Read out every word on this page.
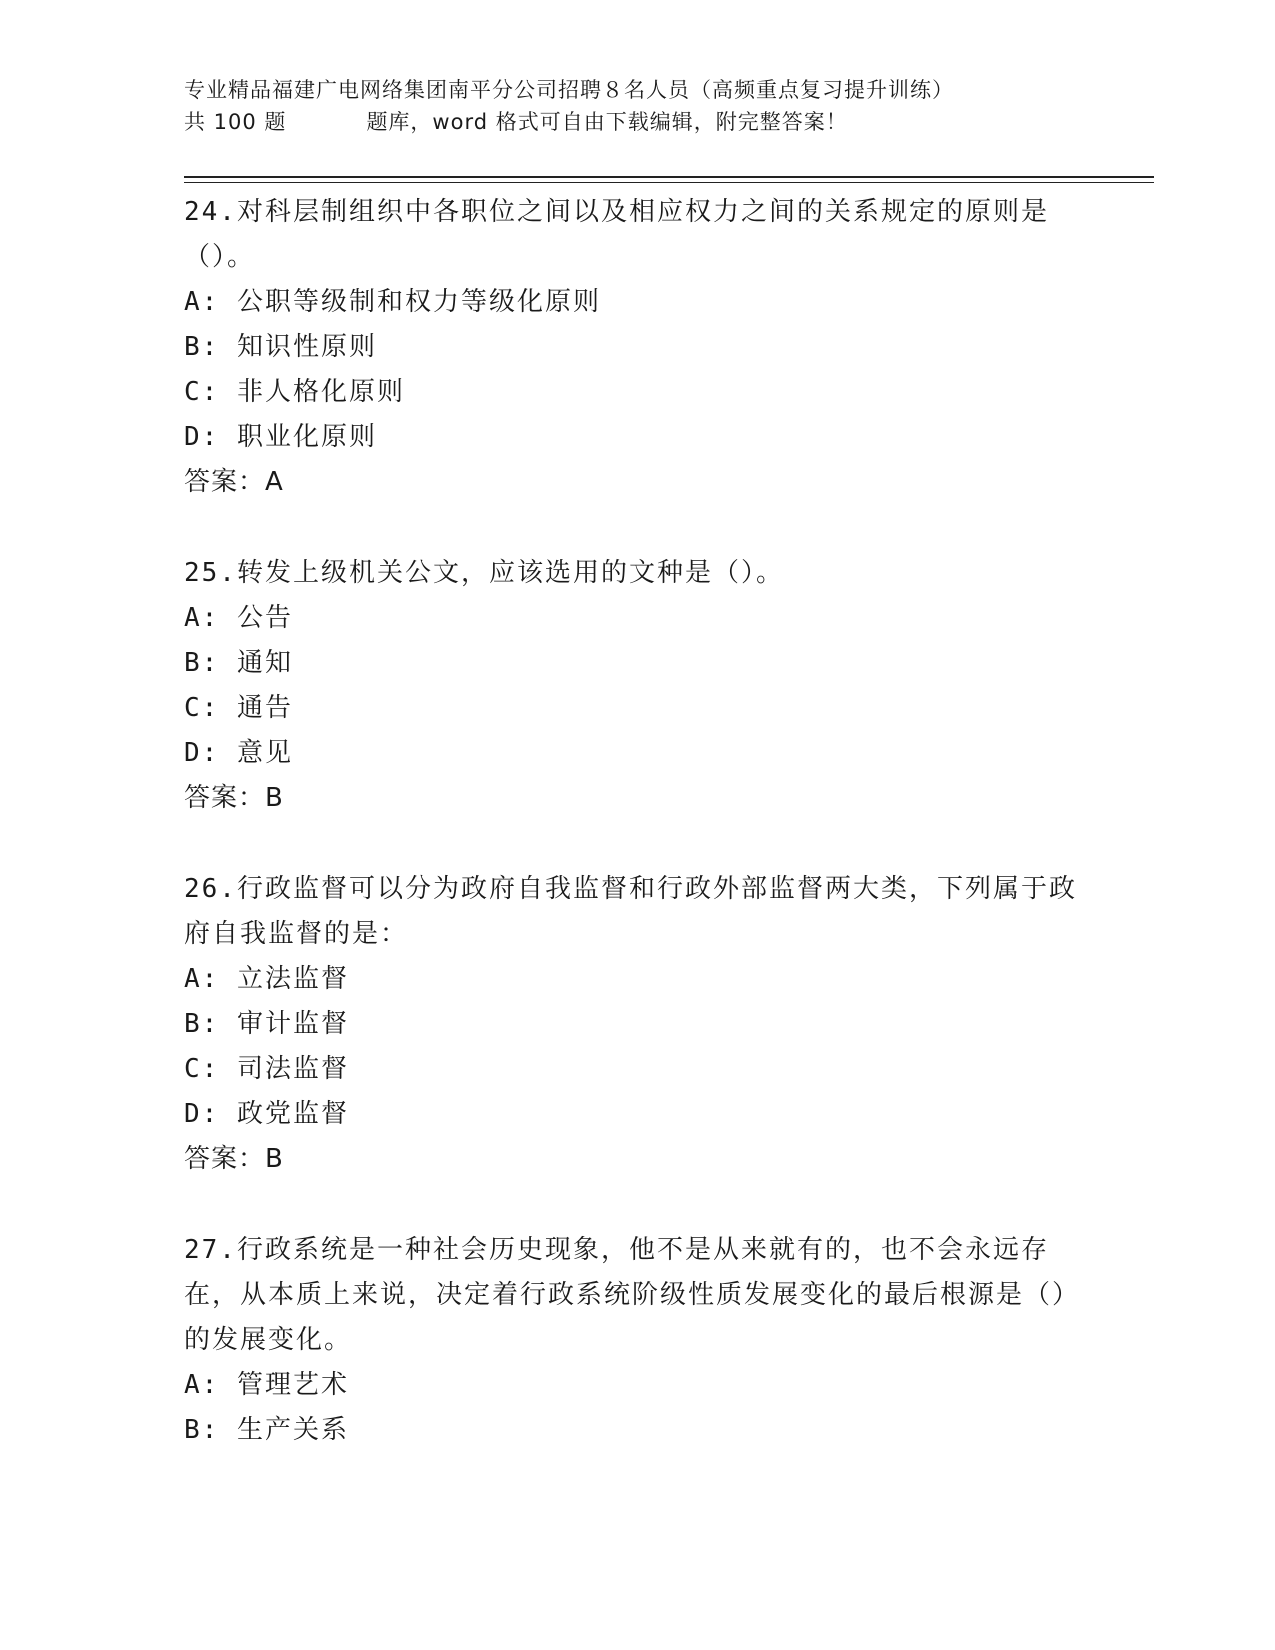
专业精品福建广电网络集团南平分公司招聘８名人员（高频重点复习提升训练）
共 100 题	题库，word 格式可自由下载编辑，附完整答案！

24.对科层制组织中各职位之间以及相应权力之间的关系规定的原则是（）。

A: 公职等级制和权力等级化原则

B: 知识性原则

C: 非人格化原则

D: 职业化原则

答案：A

25.转发上级机关公文，应该选用的文种是（）。

A: 公告

B: 通知

C: 通告

D: 意见

答案：B

26.行政监督可以分为政府自我监督和行政外部监督两大类，下列属于政府自我监督的是：

A: 立法监督

B: 审计监督

C: 司法监督

D: 政党监督

答案：B

27.行政系统是一种社会历史现象，他不是从来就有的，也不会永远存在，从本质上来说，决定着行政系统阶级性质发展变化的最后根源是（）的发展变化。

A: 管理艺术

B: 生产关系
